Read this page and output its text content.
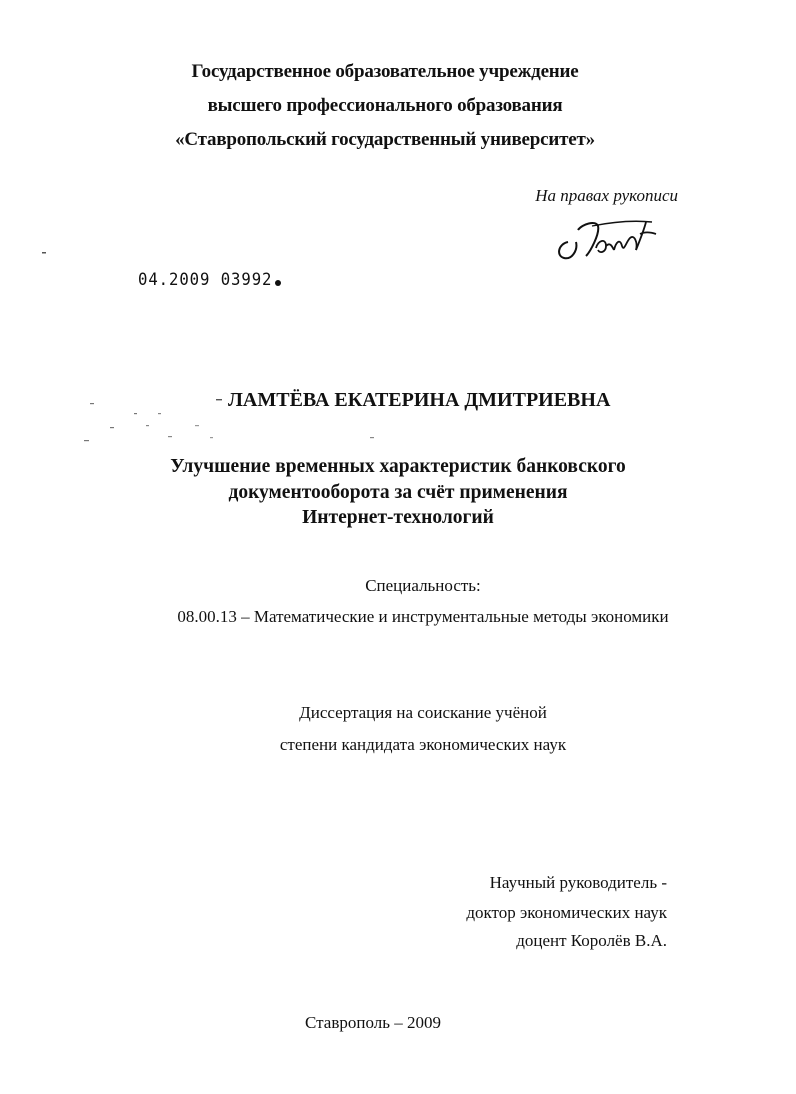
Государственное образовательное учреждение
высшего профессионального образования
«Ставропольский государственный университет»
На правах рукописи
04.2009 03992
ЛАМТЁВА ЕКАТЕРИНА ДМИТРИЕВНА
Улучшение временных характеристик банковского
документооборота за счёт применения
Интернет-технологий
Специальность:
08.00.13 – Математические и инструментальные методы экономики
Диссертация на соискание учёной
степени кандидата экономических наук
Научный руководитель -
доктор экономических наук
доцент Королёв В.А.
Ставрополь – 2009
